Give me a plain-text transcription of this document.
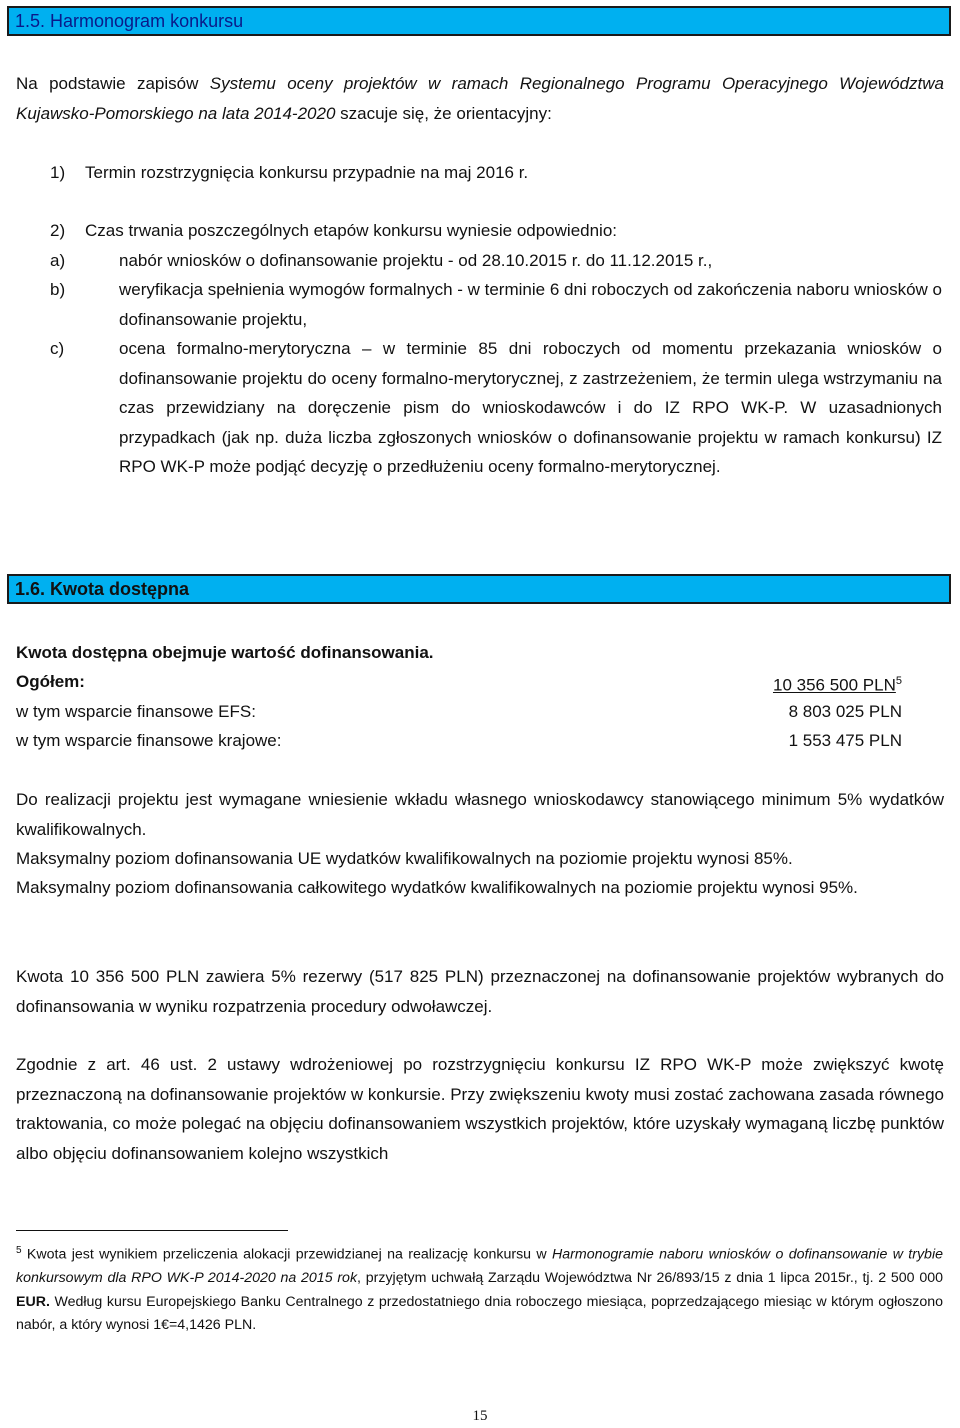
1.5. Harmonogram konkursu

Na podstawie zapisów Systemu oceny projektów w ramach Regionalnego Programu Operacyjnego Województwa Kujawsko-Pomorskiego na lata 2014-2020 szacuje się, że orientacyjny:

1) Termin rozstrzygnięcia konkursu przypadnie na maj 2016 r.
2) Czas trwania poszczególnych etapów konkursu wyniesie odpowiednio:
a)	nabór wniosków o dofinansowanie projektu - od 28.10.2015 r. do 11.12.2015 r.,

b)	weryfikacja spełnienia wymogów formalnych - w terminie 6 dni roboczych od zakończenia naboru wniosków o dofinansowanie projektu,

c)	ocena formalno-merytoryczna – w terminie 85 dni roboczych od momentu przekazania wniosków o dofinansowanie projektu do oceny formalno-merytorycznej, z zastrzeżeniem, że termin ulega wstrzymaniu na czas przewidziany na doręczenie pism do wnioskodawców i do IZ RPO WK-P. W uzasadnionych przypadkach (jak np. duża liczba zgłoszonych wniosków o dofinansowanie projektu w ramach konkursu) IZ RPO WK-P może podjąć decyzję o przedłużeniu oceny formalno-merytorycznej.

1.6. Kwota dostępna

Kwota dostępna obejmuje wartość dofinansowania.

Ogółem:	10 356 500 PLN$^5$
w tym wsparcie finansowe EFS:	8 803 025 PLN
w tym wsparcie finansowe krajowe:	1 553 475 PLN

Do realizacji projektu jest wymagane wniesienie wkładu własnego wnioskodawcy stanowiącego minimum 5% wydatków kwalifikowalnych.

Maksymalny poziom dofinansowania UE wydatków kwalifikowalnych na poziomie projektu wynosi 85%.

Maksymalny poziom dofinansowania całkowitego wydatków kwalifikowalnych na poziomie projektu wynosi 95%.

Kwota 10 356 500 PLN zawiera 5% rezerwy (517 825 PLN) przeznaczonej na dofinansowanie projektów wybranych do dofinansowania w wyniku rozpatrzenia procedury odwoławczej.

Zgodnie z art. 46 ust. 2 ustawy wdrożeniowej po rozstrzygnięciu konkursu IZ RPO WK-P może zwiększyć kwotę przeznaczoną na dofinansowanie projektów w konkursie. Przy zwiększeniu kwoty musi zostać zachowana zasada równego traktowania, co może polegać na objęciu dofinansowaniem wszystkich projektów, które uzyskały wymaganą liczbę punktów albo objęciu dofinansowaniem kolejno wszystkich

$^5$ Kwota jest wynikiem przeliczenia alokacji przewidzianej na realizację konkursu w Harmonogramie naboru wniosków o dofinansowanie w trybie konkursowym dla RPO WK-P 2014-2020 na 2015 rok, przyjętym uchwałą Zarządu Województwa Nr 26/893/15 z dnia 1 lipca 2015r., tj. 2 500 000 EUR. Według kursu Europejskiego Banku Centralnego z przedostatniego dnia roboczego miesiąca, poprzedzającego miesiąc w którym ogłoszono nabór, a który wynosi 1€=4,1426 PLN.

15
